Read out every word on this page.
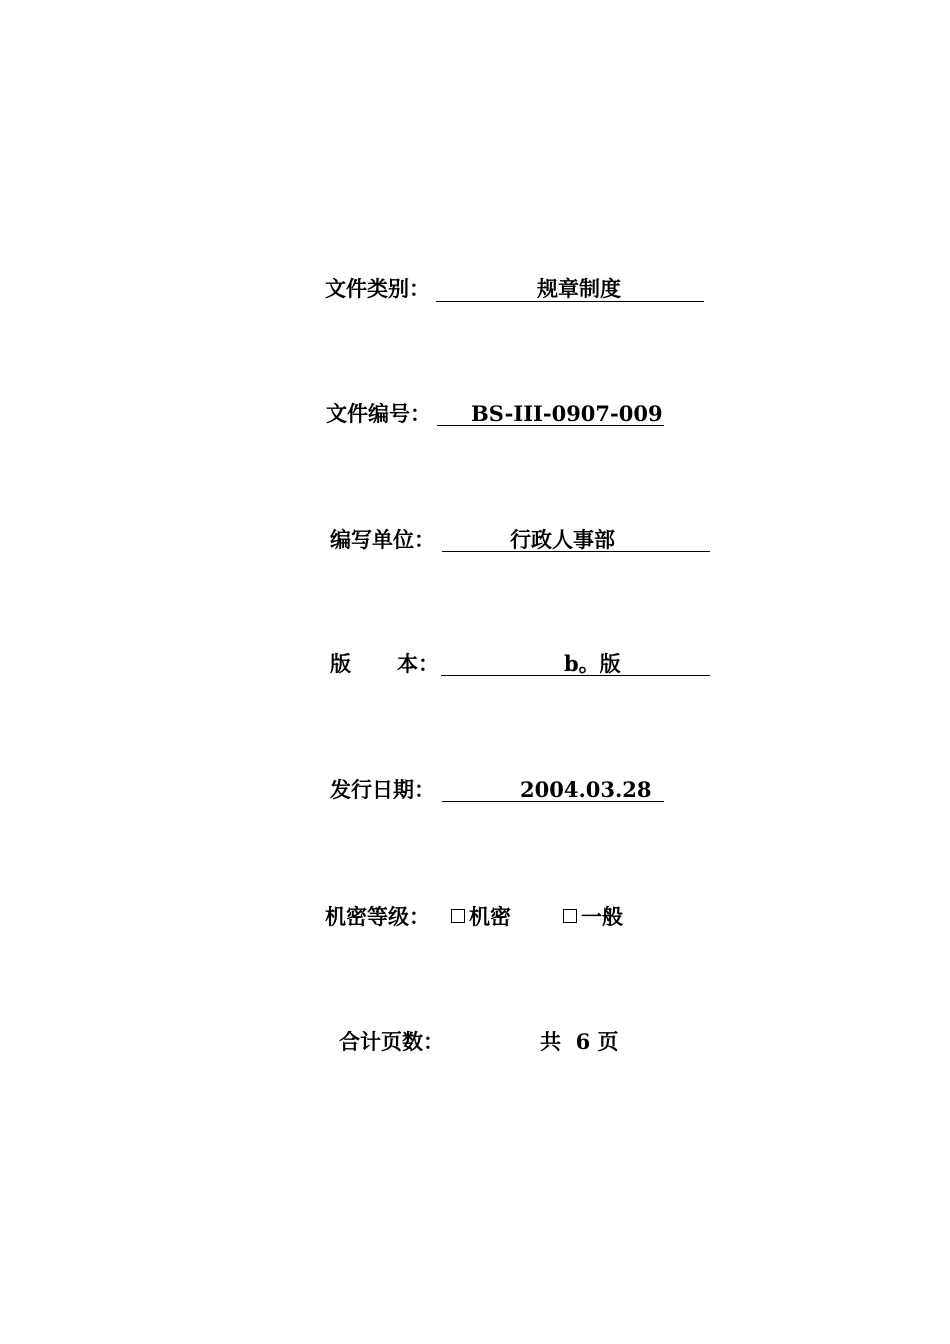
文件类别：	规章制度
文件编号： BS-III-0907-009
编写单位：	行政人事部
版 本：	b。版
发行日期：	2004.03.28
机密等级： 机密	一般
合计页数：	共  6 页
